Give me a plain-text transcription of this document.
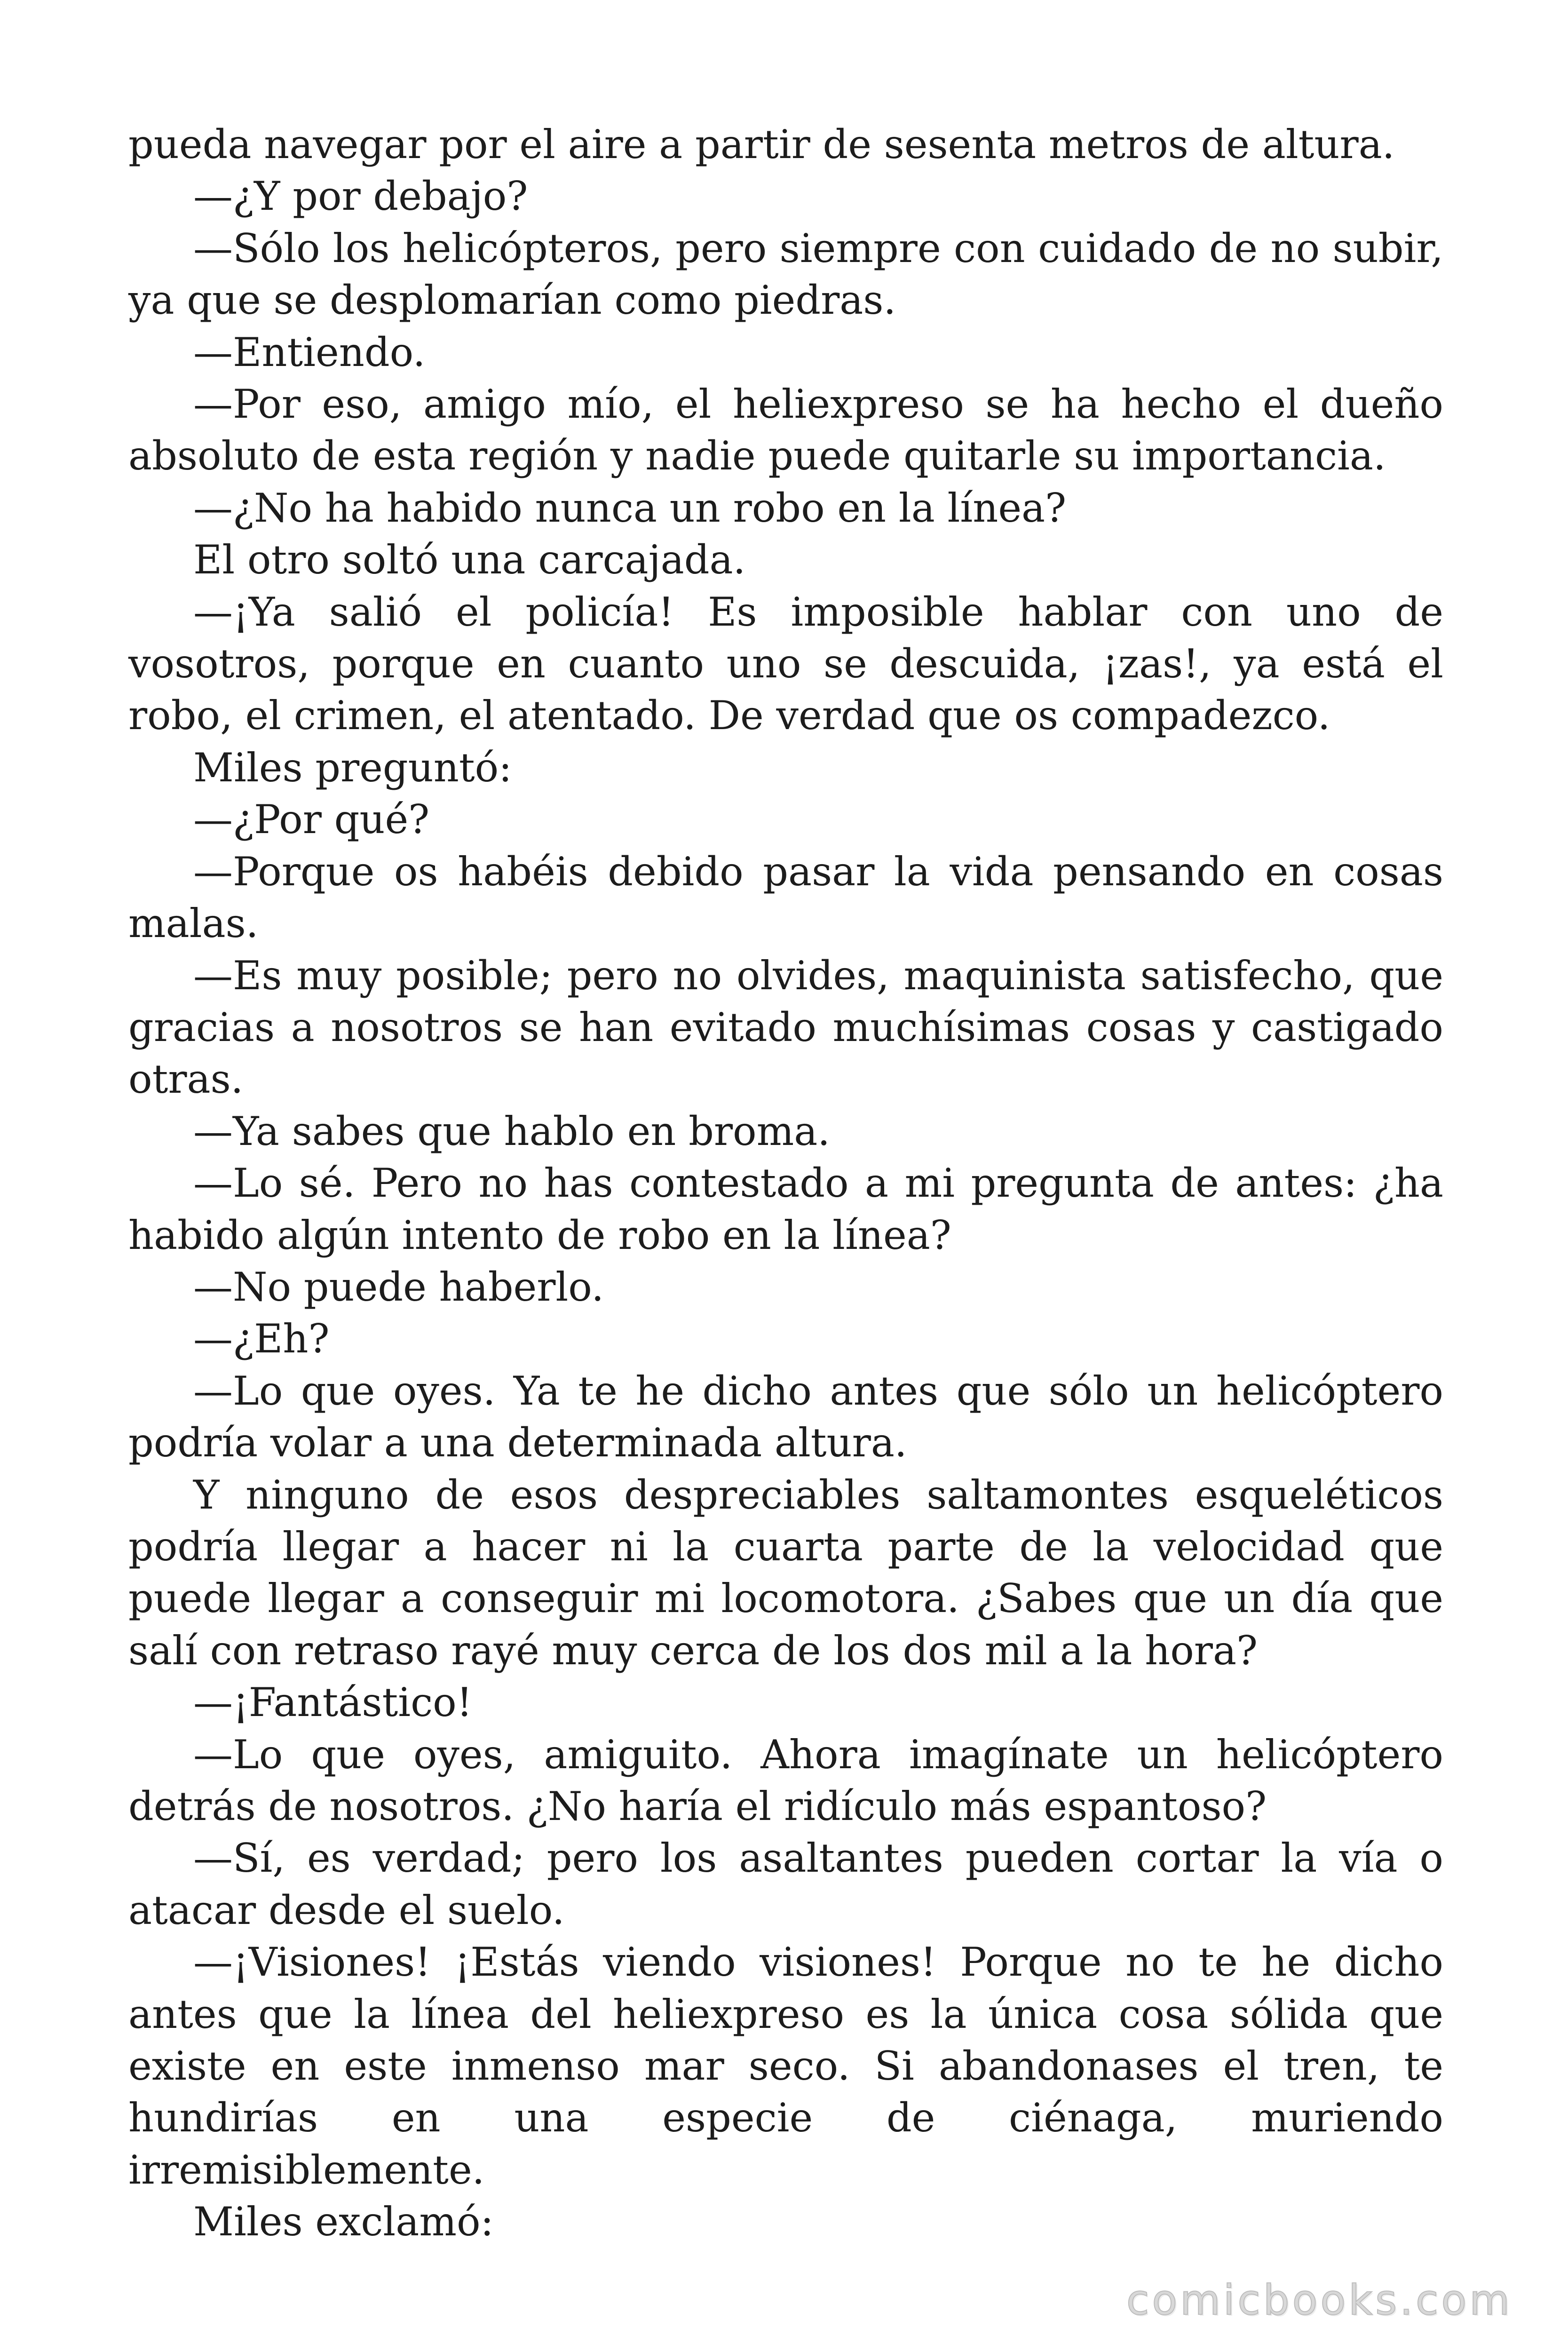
pueda navegar por el aire a partir de sesenta metros de altura.

—¿Y por debajo?

—Sólo los helicópteros, pero siempre con cuidado de no subir, ya que se desplomarían como piedras.

—Entiendo.

—Por eso, amigo mío, el heliexpreso se ha hecho el dueño absoluto de esta región y nadie puede quitarle su importancia.

—¿No ha habido nunca un robo en la línea?

El otro soltó una carcajada.

—¡Ya salió el policía! Es imposible hablar con uno de vosotros, porque en cuanto uno se descuida, ¡zas!, ya está el robo, el crimen, el atentado. De verdad que os compadezco.

Miles preguntó:

—¿Por qué?

—Porque os habéis debido pasar la vida pensando en cosas malas.

—Es muy posible; pero no olvides, maquinista satisfecho, que gracias a nosotros se han evitado muchísimas cosas y castigado otras.

—Ya sabes que hablo en broma.

—Lo sé. Pero no has contestado a mi pregunta de antes: ¿ha habido algún intento de robo en la línea?

—No puede haberlo.

—¿Eh?

—Lo que oyes. Ya te he dicho antes que sólo un helicóptero podría volar a una determinada altura.

Y ninguno de esos despreciables saltamontes esqueléticos podría llegar a hacer ni la cuarta parte de la velocidad que puede llegar a conseguir mi locomotora. ¿Sabes que un día que salí con retraso rayé muy cerca de los dos mil a la hora?

—¡Fantástico!

—Lo que oyes, amiguito. Ahora imagínate un helicóptero detrás de nosotros. ¿No haría el ridículo más espantoso?

—Sí, es verdad; pero los asaltantes pueden cortar la vía o atacar desde el suelo.

—¡Visiones! ¡Estás viendo visiones! Porque no te he dicho antes que la línea del heliexpreso es la única cosa sólida que existe en este inmenso mar seco. Si abandonases el tren, te hundirías en una especie de ciénaga, muriendo irremisiblemente.

Miles exclamó:

comicbooks.com
